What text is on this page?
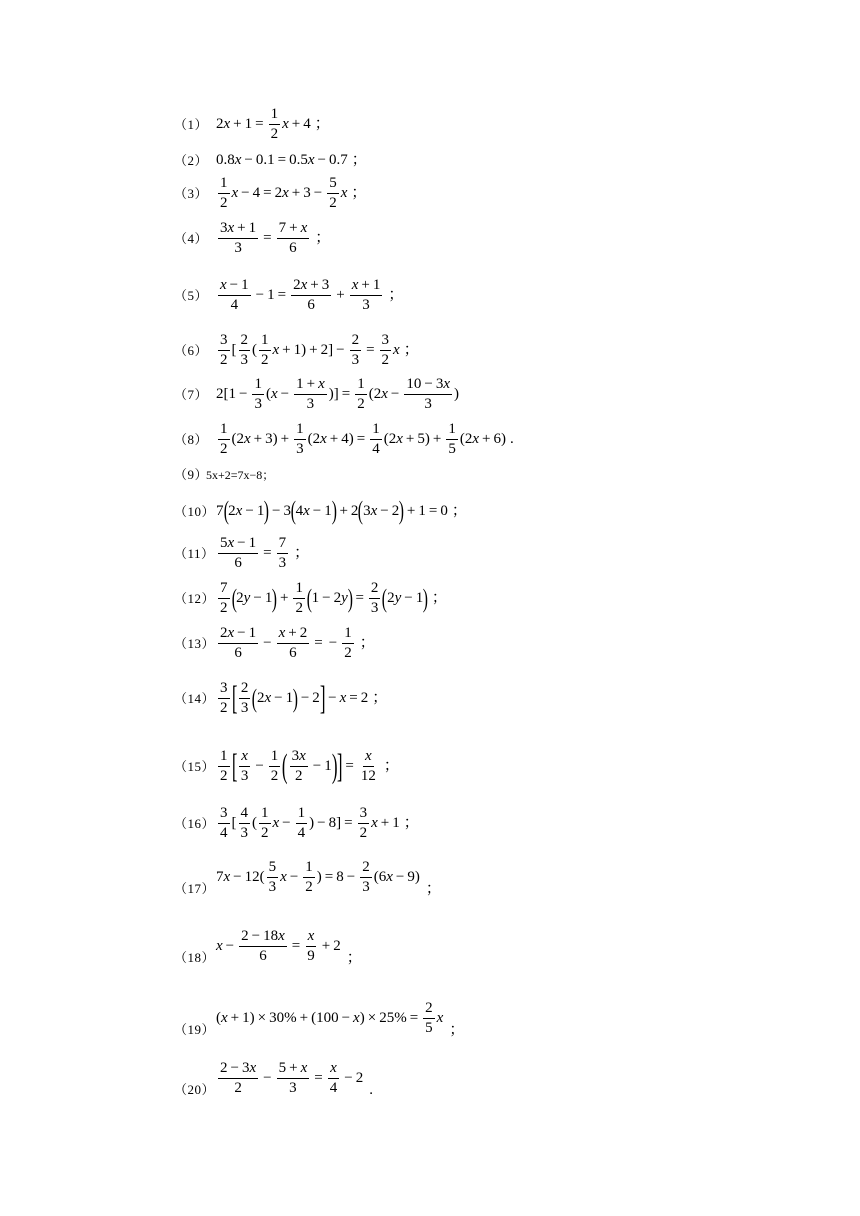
（1） 2 $x + 1 = \frac{1}{2}$ x + 4 ；
（2） 0.8 x − 0.1 = 0.5 x − 0.7 ；
$(3) \frac{1}{2}$ x − 4 = 2 $x + 3 - \frac{5}{2}$ x ；
$(4) \frac{3x + 1}{3} = \frac{7 + x}{6}$ ；
$(5) \frac{x - 1}{4} - 1 = \frac{2x + 3}{6} + \frac{x + 1}{3}$ ；
$(6) \frac{3}{2}$ [ $\frac{2}{3}$ ( $\frac{1}{2}$ $x + 1) + 2] - \frac{2}{3} = \frac{3}{2}$ x ；
（7） $2[1 - \frac{1}{3}$ ( $x - \frac{1 + x}{3}$ )] = $\frac{1}{2} (2$ $x - \frac{10 - 3x}{3}$ )
$(8) \frac{1}{2} (2$ $x + 3) + \frac{1}{3} (2$ $x + 4) = \frac{1}{4} (2$ $x + 5) + \frac{1}{5} (2$ x + 6) .
（9）
5x+2=7x−8；
（10） 7 ( 2 x − 1 ) − 3 ( 4 x − 1 ) + 2 ( 3 x − 2 ) + 1 = 0 ；
$(11) \frac{5x - 1}{6} = \frac{7}{3}$ ；
$(12) \frac{7}{2}$ ( 2 y − 1 ) + $\frac{1}{2}$ ( 1 − 2 y ) = $\frac{2}{3}$ ( 2 y − 1 ) ；
$(13) \frac{2x - 1}{6} - \frac{x + 2}{6}$ = − $\frac{1}{2}$ ；
$(14) \frac{3}{2}$ [ $\frac{2}{3}$ ( 2 x − 1 ) − 2 ] − x = 2 ；
$(15) \frac{1}{2}$ [ $\frac{x}{3} - \frac{1}{2}$ ( $\frac{3x}{2} - 1$ ) ] = $\frac{x}{12}$ ；
$(16) \frac{3}{4}$ [ $\frac{4}{3}$ ( $\frac{1}{2}$ $x - \frac{1}{4}$ ) − $8] = \frac{3}{2}$ x + 1 ；
（17）
7 $x - 12( \frac{5}{3}$ $x - \frac{1}{2}$ ) = $8 - \frac{2}{3} (6$ x − 9)
；
（18）
$x - \frac{2 - 18x}{6} = \frac{x}{9} + 2$
；
（19）
( x + 1) × 30% + (100 − x ) × $25\% = \frac{2}{5}$ x
；
$(20) \frac{2 - 3x}{2} - \frac{5 + x}{3} = \frac{x}{4} - 2$
.
